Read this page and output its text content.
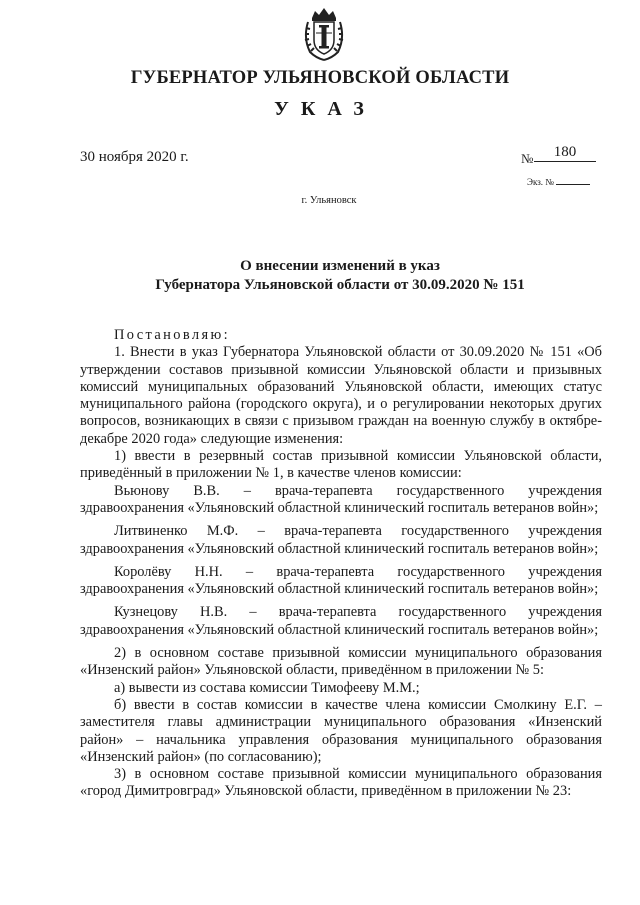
ГУБЕРНАТОР УЛЬЯНОВСКОЙ ОБЛАСТИ
УКАЗ
30 ноября 2020 г.	№	180
Экз. №
г. Ульяновск
О внесении изменений в указ
Губернатора Ульяновской области от 30.09.2020 № 151

Постановляю:

1. Внести в указ Губернатора Ульяновской области от 30.09.2020 № 151 «Об утверждении составов призывной комиссии Ульяновской области и призывных комиссий муниципальных образований Ульяновской области, имеющих статус муниципального района (городского округа), и о регулировании некоторых других вопросов, возникающих в связи с призывом граждан на военную службу в октябре-декабре 2020 года» следующие изменения:

1) ввести в резервный состав призывной комиссии Ульяновской области, приведённый в приложении № 1, в качестве членов комиссии:

Вьюнову В.В. – врача-терапевта государственного учреждения здравоохранения «Ульяновский областной клинический госпиталь ветеранов войн»;

Литвиненко М.Ф. – врача-терапевта государственного учреждения здравоохранения «Ульяновский областной клинический госпиталь ветеранов войн»;

Королёву Н.Н. – врача-терапевта государственного учреждения здравоохранения «Ульяновский областной клинический госпиталь ветеранов войн»;

Кузнецову Н.В. – врача-терапевта государственного учреждения здравоохранения «Ульяновский областной клинический госпиталь ветеранов войн»;

2) в основном составе призывной комиссии муниципального образования «Инзенский район» Ульяновской области, приведённом в приложении № 5:

а) вывести из состава комиссии Тимофееву М.М.;

б) ввести в состав комиссии в качестве члена комиссии Смолкину Е.Г. – заместителя главы администрации муниципального образования «Инзенский район» – начальника управления образования муниципального образования «Инзенский район» (по согласованию);

3) в основном составе призывной комиссии муниципального образования «город Димитровград» Ульяновской области, приведённом в приложении № 23:
